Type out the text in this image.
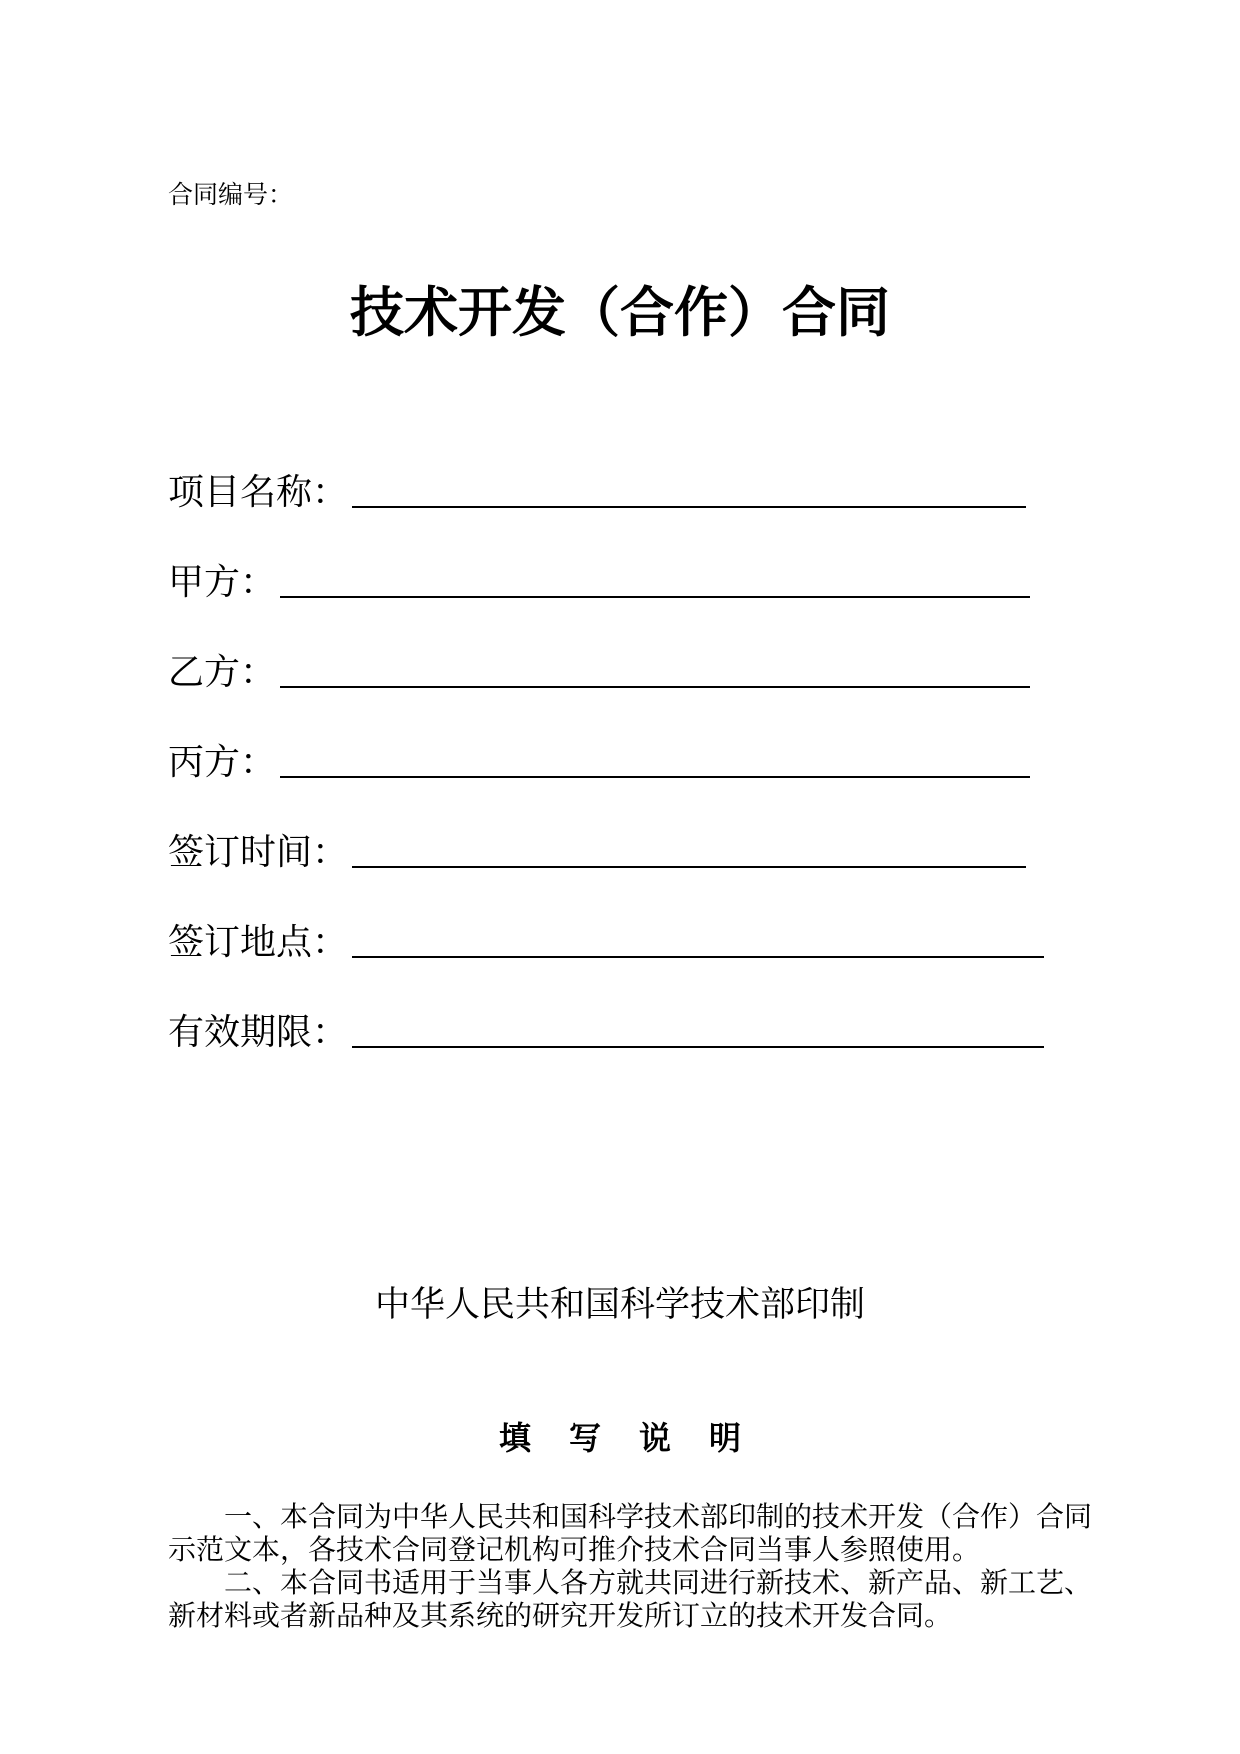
合同编号：
技术开发（合作）合同
项目名称：
甲方：
乙方：
丙方：
签订时间：
签订地点：
有效期限：
中华人民共和国科学技术部印制
填写说明

一、本合同为中华人民共和国科学技术部印制的技术开发（合作）合同示范文本，各技术合同登记机构可推介技术合同当事人参照使用。

二、本合同书适用于当事人各方就共同进行新技术、新产品、新工艺、新材料或者新品种及其系统的研究开发所订立的技术开发合同。
